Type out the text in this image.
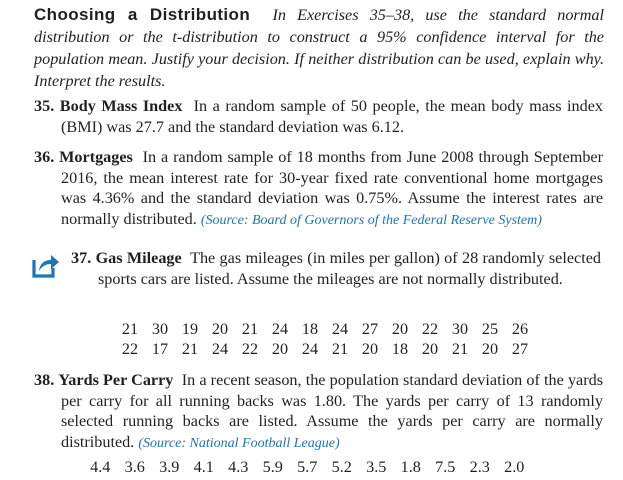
Choosing a Distribution In Exercises 35–38, use the standard normal distribution or the t-distribution to construct a 95% confidence interval for the population mean. Justify your decision. If neither distribution can be used, explain why. Interpret the results.
35. Body Mass Index In a random sample of 50 people, the mean body mass index (BMI) was 27.7 and the standard deviation was 6.12.
36. Mortgages In a random sample of 18 months from June 2008 through September 2016, the mean interest rate for 30-year fixed rate conventional home mortgages was 4.36% and the standard deviation was 0.75%. Assume the interest rates are normally distributed. (Source: Board of Governors of the Federal Reserve System)
37. Gas Mileage The gas mileages (in miles per gallon) of 28 randomly selected sports cars are listed. Assume the mileages are not normally distributed.
21 30 19 20 21 24 18 24 27 20 22 30 25 26
22 17 21 24 22 20 24 21 20 18 20 21 20 27
38. Yards Per Carry In a recent season, the population standard deviation of the yards per carry for all running backs was 1.80. The yards per carry of 13 randomly selected running backs are listed. Assume the yards per carry are normally distributed. (Source: National Football League)
4.4 3.6 3.9 4.1 4.3 5.9 5.7 5.2 3.5 1.8 7.5 2.3 2.0
